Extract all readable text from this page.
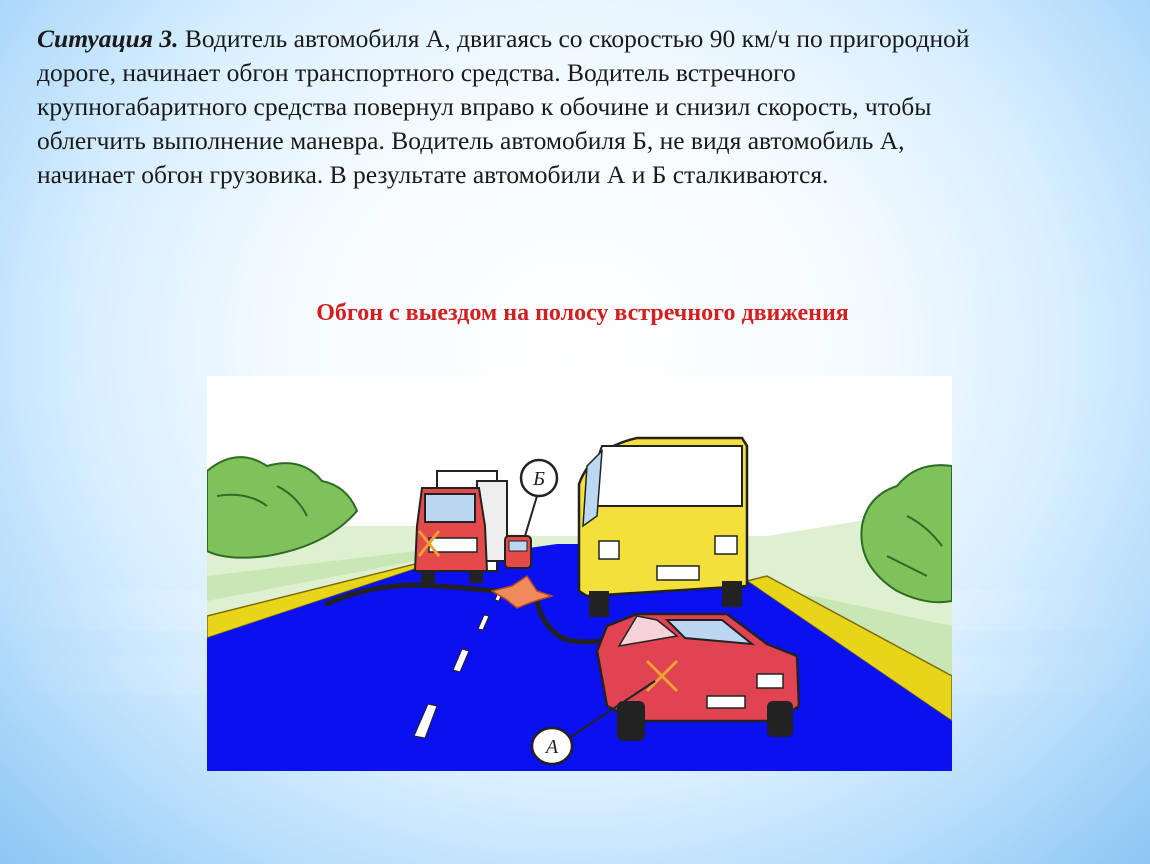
Ситуация 3. Водитель автомобиля А, двигаясь со скоростью 90 км/ч по пригородной
дороге, начинает обгон транспортного средства. Водитель встречного
крупногабаритного средства повернул вправо к обочине и снизил скорость, чтобы
облегчить выполнение маневра. Водитель автомобиля Б, не видя автомобиль А,
начинает обгон грузовика. В результате автомобили А и Б сталкиваются.
Обгон с выездом на полосу встречного движения
Б
А
